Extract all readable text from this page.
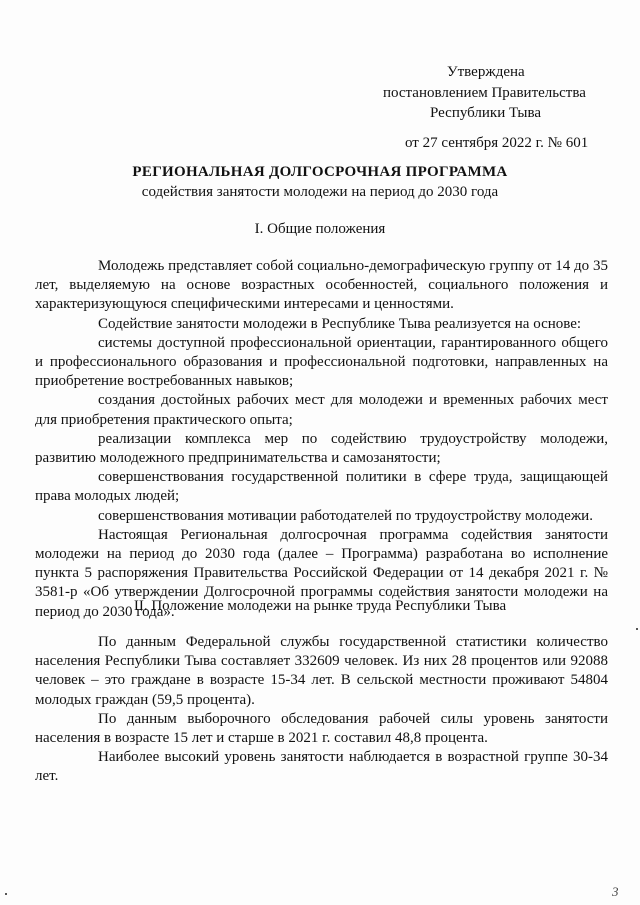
Утверждена
постановлением Правительства
Республики Тыва
от 27 сентября 2022 г. № 601
РЕГИОНАЛЬНАЯ ДОЛГОСРОЧНАЯ ПРОГРАММА
содействия занятости молодежи на период до 2030 года
I. Общие положения

Молодежь представляет собой социально-демографическую группу от 14 до 35 лет, выделяемую на основе возрастных особенностей, социального положения и характеризующуюся специфическими интересами и ценностями.

Содействие занятости молодежи в Республике Тыва реализуется на основе:

системы доступной профессиональной ориентации, гарантированного общего и профессионального образования и профессиональной подготовки, направленных на приобретение востребованных навыков;

создания достойных рабочих мест для молодежи и временных рабочих мест для приобретения практического опыта;

реализации комплекса мер по содействию трудоустройству молодежи, развитию молодежного предпринимательства и самозанятости;

совершенствования государственной политики в сфере труда, защищающей права молодых людей;

совершенствования мотивации работодателей по трудоустройству молодежи.

Настоящая Региональная долгосрочная программа содействия занятости молодежи на период до 2030 года (далее – Программа) разработана во исполнение пункта 5 распоряжения Правительства Российской Федерации от 14 декабря 2021 г. № 3581-р «Об утверждении Долгосрочной программы содействия занятости молодежи на период до 2030 года».

II. Положение молодежи на рынке труда Республики Тыва

По данным Федеральной службы государственной статистики количество населения Республики Тыва составляет 332609 человек. Из них 28 процентов или 92088 человек – это граждане в возрасте 15-34 лет. В сельской местности проживают 54804 молодых граждан (59,5 процента).

По данным выборочного обследования рабочей силы уровень занятости населения в возрасте 15 лет и старше в 2021 г. составил 48,8 процента.

Наиболее высокий уровень занятости наблюдается в возрастной группе 30-34 лет.

3
